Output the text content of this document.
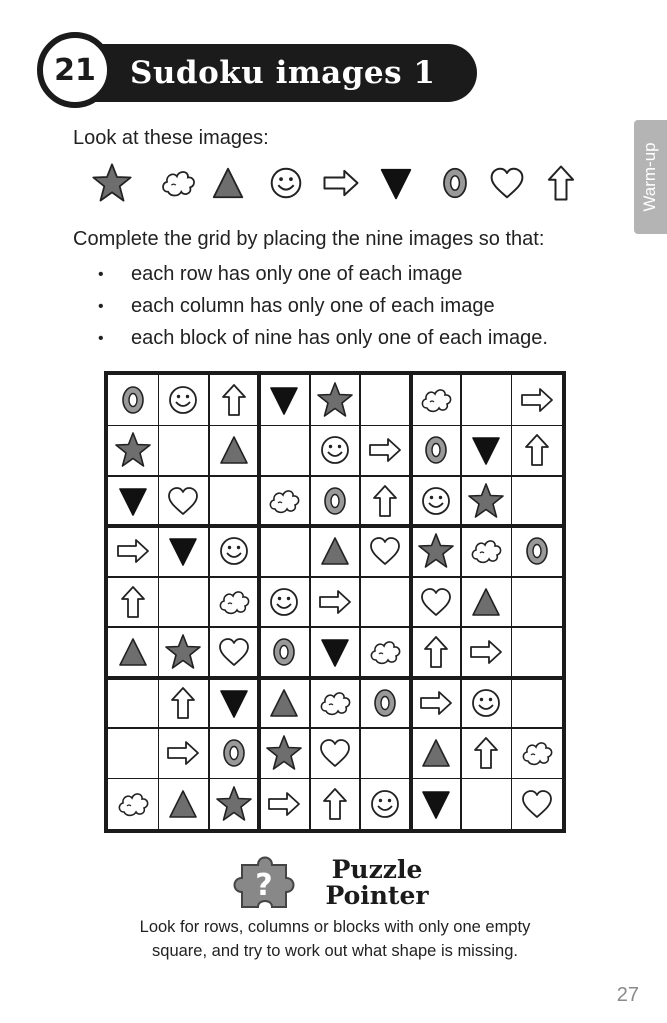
21	Sudoku images 1
Warm-up
Look at these images:
Complete the grid by placing the nine images so that:
• each row has only one of each image
• each column has only one of each image
• each block of nine has only one of each image.
?	Puzzle
Pointer
Look for rows, columns or blocks with only one empty
square, and try to work out what shape is missing.
27
